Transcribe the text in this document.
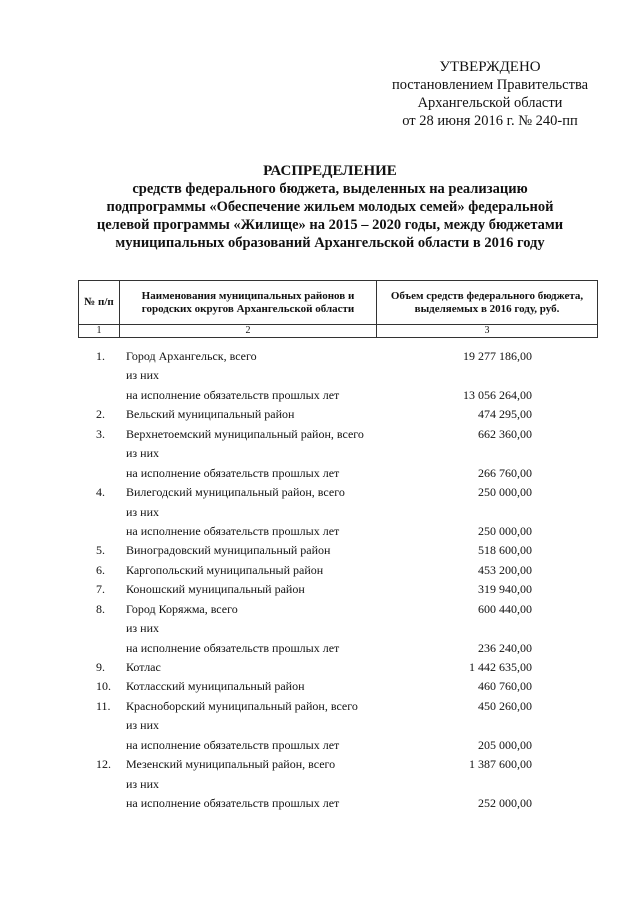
УТВЕРЖДЕНО
постановлением Правительства
Архангельской области
от 28 июня 2016 г. № 240-пп
РАСПРЕДЕЛЕНИЕ
средств федерального бюджета, выделенных на реализацию
подпрограммы «Обеспечение жильем молодых семей» федеральной
целевой программы «Жилище» на 2015 – 2020 годы, между бюджетами
муниципальных образований Архангельской области в 2016 году
№ п/п	Наименования муниципальных районов и городских округов Архангельской области	Объем средств федерального бюджета, выделяемых в 2016 году, руб.
1	2	3
1. Город Архангельск, всего	19 277 186,00
из них
на исполнение обязательств прошлых лет	13 056 264,00
2. Вельский муниципальный район	474 295,00
3. Верхнетоемский муниципальный район, всего	662 360,00
из них
на исполнение обязательств прошлых лет	266 760,00
4. Вилегодский муниципальный район, всего	250 000,00
из них
на исполнение обязательств прошлых лет	250 000,00
5. Виноградовский муниципальный район	518 600,00
6. Каргопольский муниципальный район	453 200,00
7. Коношский муниципальный район	319 940,00
8. Город Коряжма, всего	600 440,00
из них
на исполнение обязательств прошлых лет	236 240,00
9. Котлас	1 442 635,00
10. Котласский муниципальный район	460 760,00
11. Красноборский муниципальный район, всего	450 260,00
из них
на исполнение обязательств прошлых лет	205 000,00
12. Мезенский муниципальный район, всего	1 387 600,00
из них
на исполнение обязательств прошлых лет	252 000,00
